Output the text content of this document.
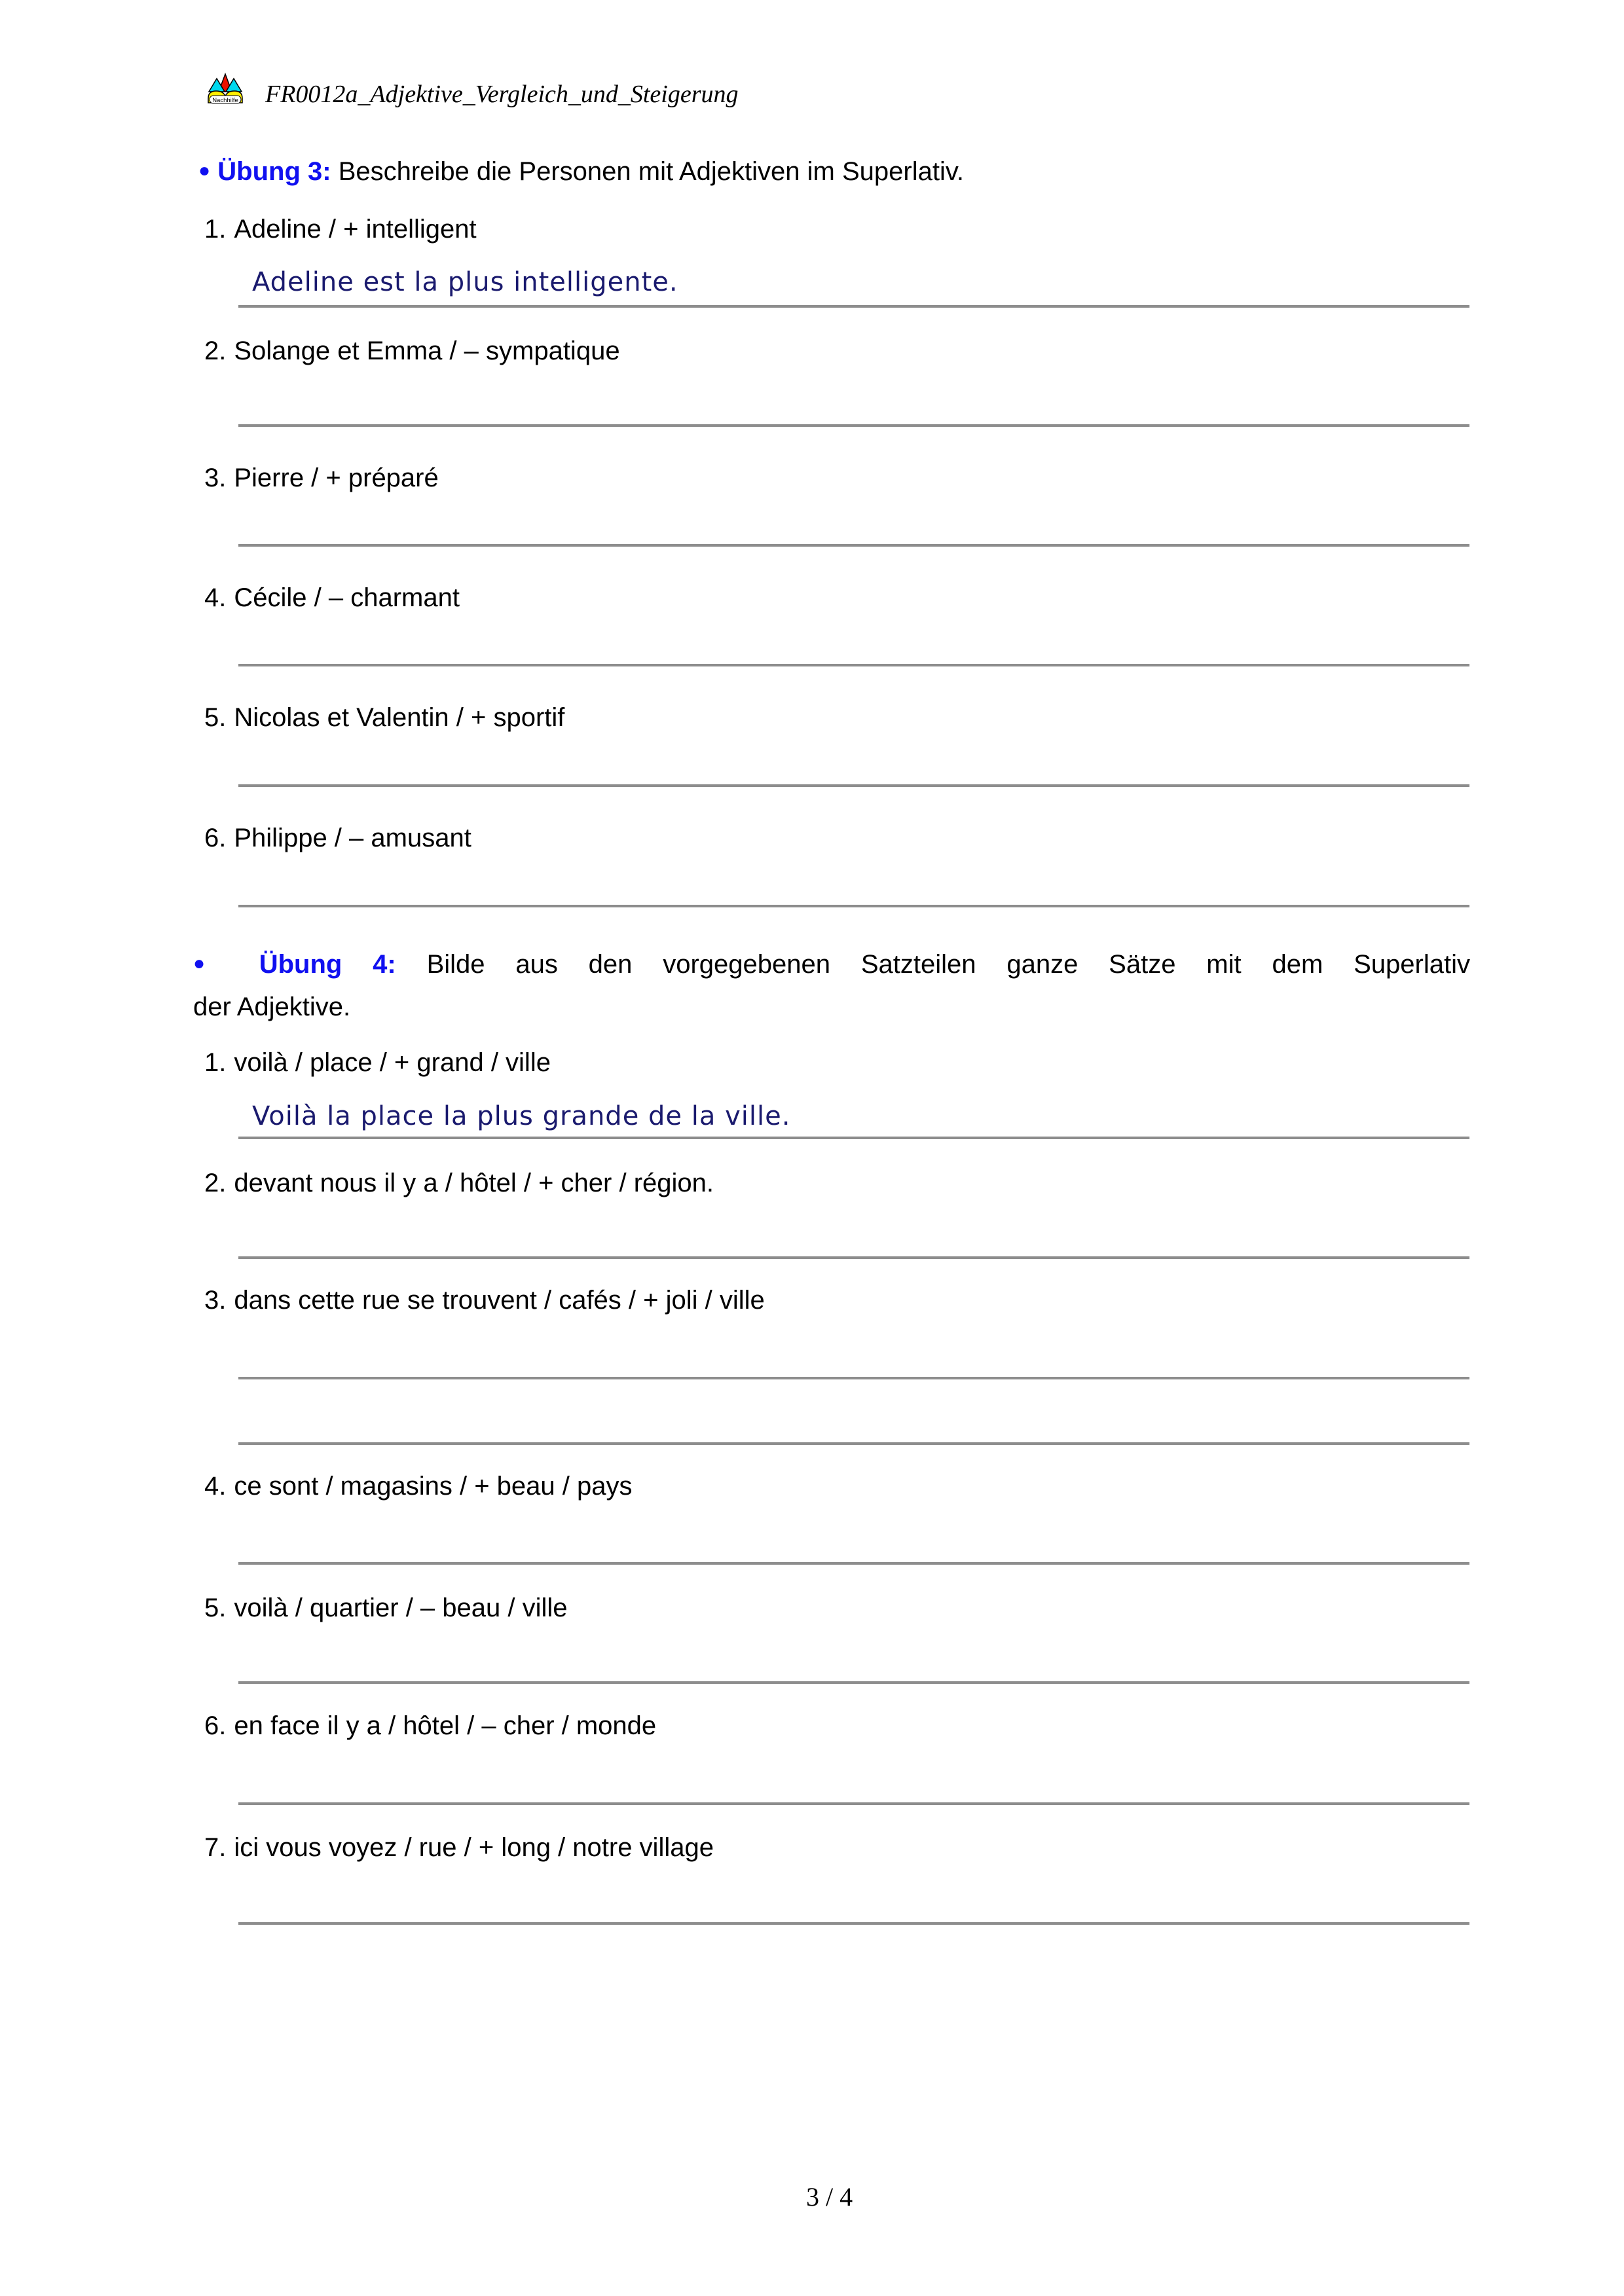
Nachhilfe FR0012a_Adjektive_Vergleich_und_Steigerung
● Übung 3: Beschreibe die Personen mit Adjektiven im Superlativ.
1. Adeline / + intelligent
Adeline est la plus intelligente.
2. Solange et Emma / – sympatique
3. Pierre / + préparé
4. Cécile / – charmant
5. Nicolas et Valentin / + sportif
6. Philippe / – amusant
● Übung 4: Bilde aus den vorgegebenen Satzteilen ganze Sätze mit dem Superlativ
der Adjektive.
1. voilà / place / + grand / ville
Voilà la place la plus grande de la ville.
2. devant nous il y a / hôtel / + cher / région.
3. dans cette rue se trouvent / cafés / + joli / ville
4. ce sont / magasins / + beau / pays
5. voilà / quartier / – beau / ville
6. en face il y a / hôtel / – cher / monde
7. ici vous voyez / rue / + long / notre village
3 / 4
